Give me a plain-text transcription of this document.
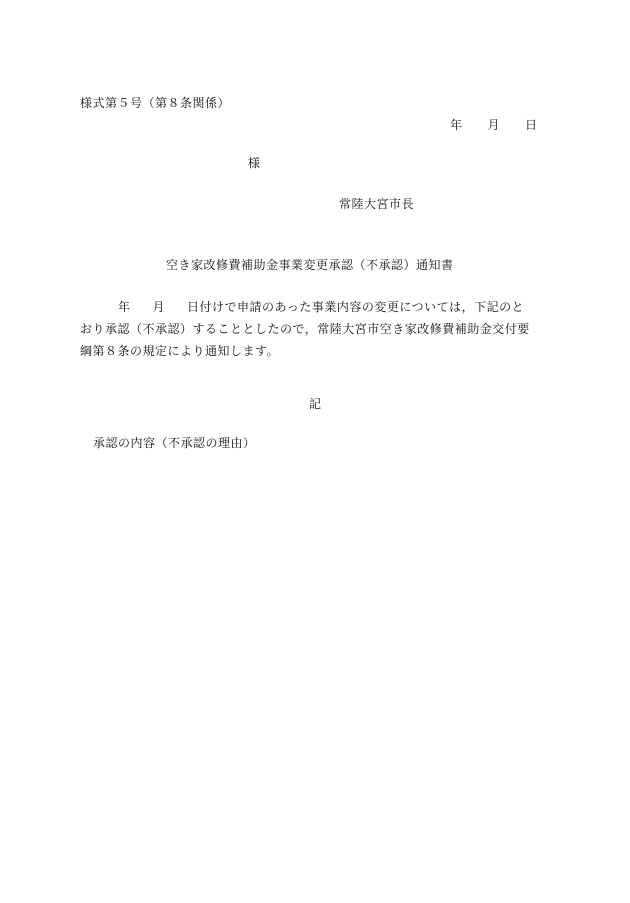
様式第５号（第８条関係）
年 月 日
様
常陸大宮市長
空き家改修費補助金事業変更承認（不承認）通知書
年 月 日付けで申請のあった事業内容の変更については，下記のと
おり承認（不承認）することとしたので，常陸大宮市空き家改修費補助金交付要
綱第８条の規定により通知します。
記
承認の内容（不承認の理由）
